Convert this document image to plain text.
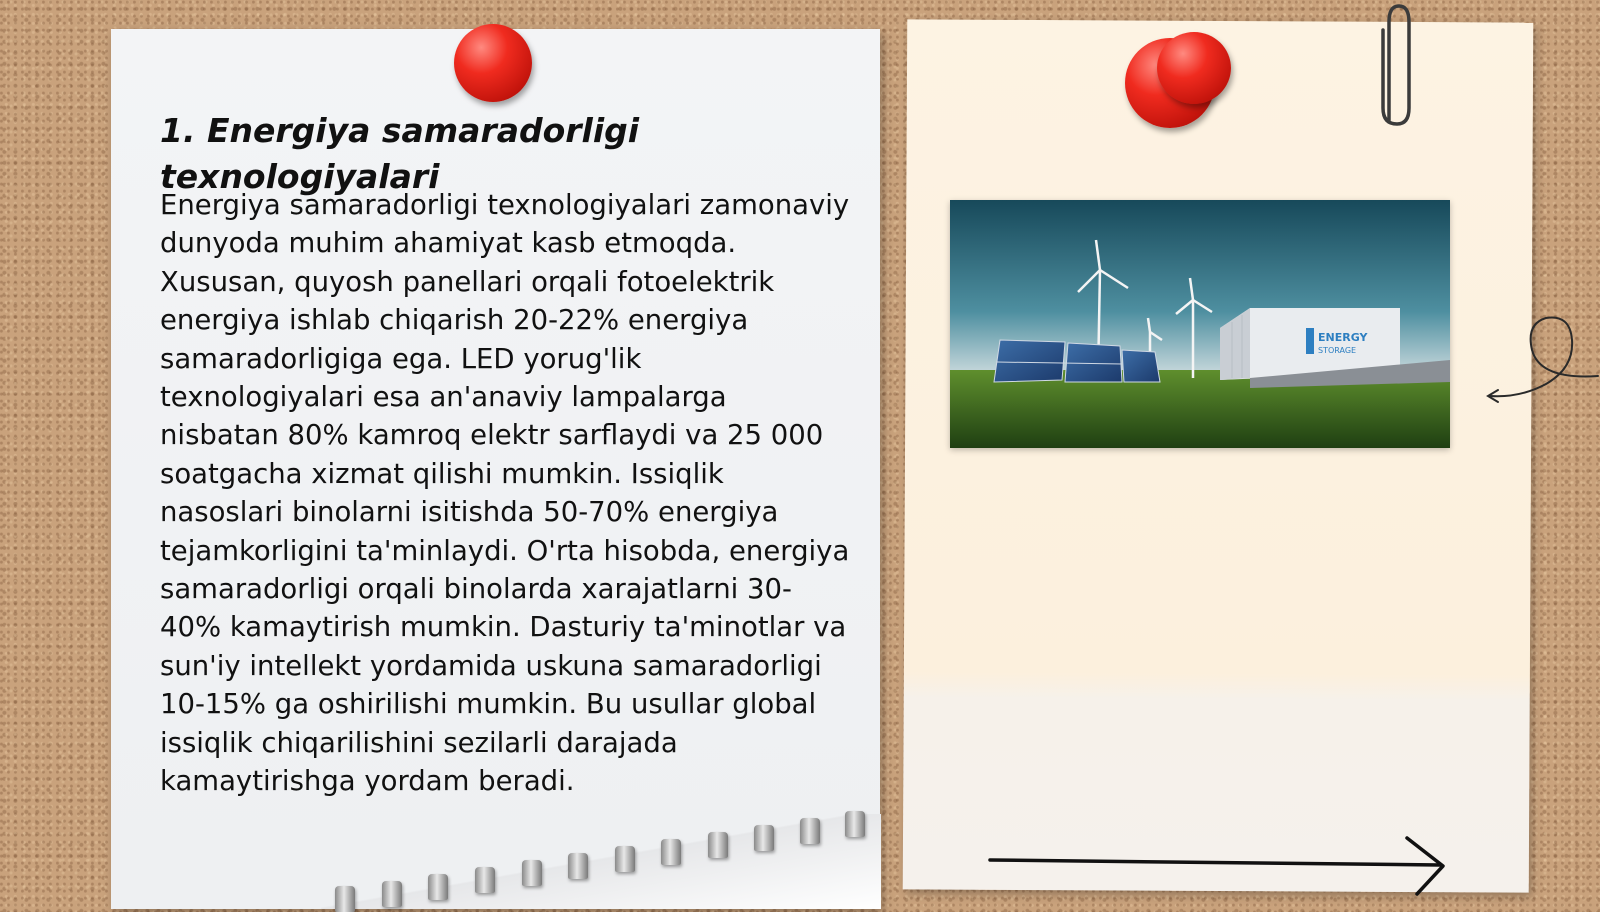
1. Energiya samaradorligi texnologiyalari

Energiya samaradorligi texnologiyalari zamonaviy dunyoda muhim ahamiyat kasb etmoqda. Xususan, quyosh panellari orqali fotoelektrik energiya ishlab chiqarish 20-22% energiya samaradorligiga ega. LED yorug'lik texnologiyalari esa an'anaviy lampalarga nisbatan 80% kamroq elektr sarflaydi va 25 000 soatgacha xizmat qilishi mumkin. Issiqlik nasoslari binolarni isitishda 50-70% energiya tejamkorligini ta'minlaydi. O'rta hisobda, energiya samaradorligi orqali binolarda xarajatlarni 30-40% kamaytirish mumkin. Dasturiy ta'minotlar va sun'iy intellekt yordamida uskuna samaradorligi 10-15% ga oshirilishi mumkin. Bu usullar global issiqlik chiqarilishini sezilarli darajada kamaytirishga yordam beradi.

ENERGY
STORAGE
